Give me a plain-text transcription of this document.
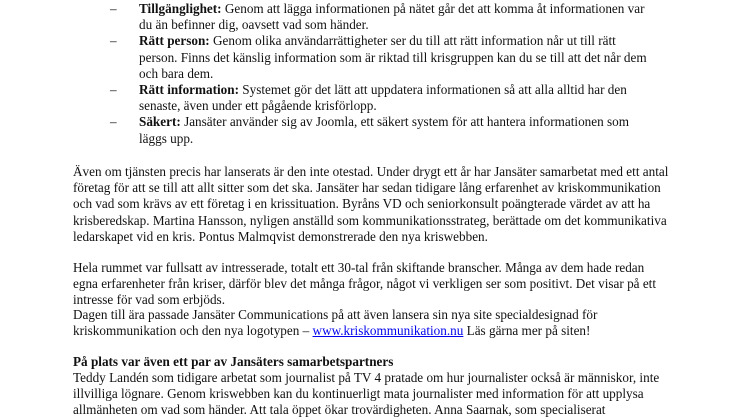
– Tillgänglighet: Genom att lägga informationen på nätet går det att komma åt informationen var du än befinner dig, oavsett vad som händer.
– Rätt person: Genom olika användarrättigheter ser du till att rätt information når ut till rätt person. Finns det känslig information som är riktad till krisgruppen kan du se till att det når dem och bara dem.
– Rätt information: Systemet gör det lätt att uppdatera informationen så att alla alltid har den senaste, även under ett pågående krisförlopp.
– Säkert: Jansäter använder sig av Joomla, ett säkert system för att hantera informationen som läggs upp.

Även om tjänsten precis har lanserats är den inte otestad. Under drygt ett år har Jansäter samarbetat med ett antal företag för att se till att allt sitter som det ska. Jansäter har sedan tidigare lång erfarenhet av kriskommunikation och vad som krävs av ett företag i en krissituation. Byråns VD och seniorkonsult poängterade värdet av att ha krisberedskap. Martina Hansson, nyligen anställd som kommunikationsstrateg, berättade om det kommunikativa ledarskapet vid en kris. Pontus Malmqvist demonstrerade den nya kriswebben.

Hela rummet var fullsatt av intresserade, totalt ett 30-tal från skiftande branscher. Många av dem hade redan egna erfarenheter från kriser, därför blev det många frågor, något vi verkligen ser som positivt. Det visar på ett intresse för vad som erbjöds.

Dagen till ära passade Jansäter Communications på att även lansera sin nya site specialdesignad för kriskommunikation och den nya logotypen – www.kriskommunikation.nu Läs gärna mer på siten!

På plats var även ett par av Jansäters samarbetspartners

Teddy Landén som tidigare arbetat som journalist på TV 4 pratade om hur journalister också är människor, inte illvilliga lögnare. Genom kriswebben kan du kontinuerligt mata journalister med information för att upplysa allmänheten om vad som händer. Att tala öppet ökar trovärdigheten. Anna Saarnak, som specialiserat
